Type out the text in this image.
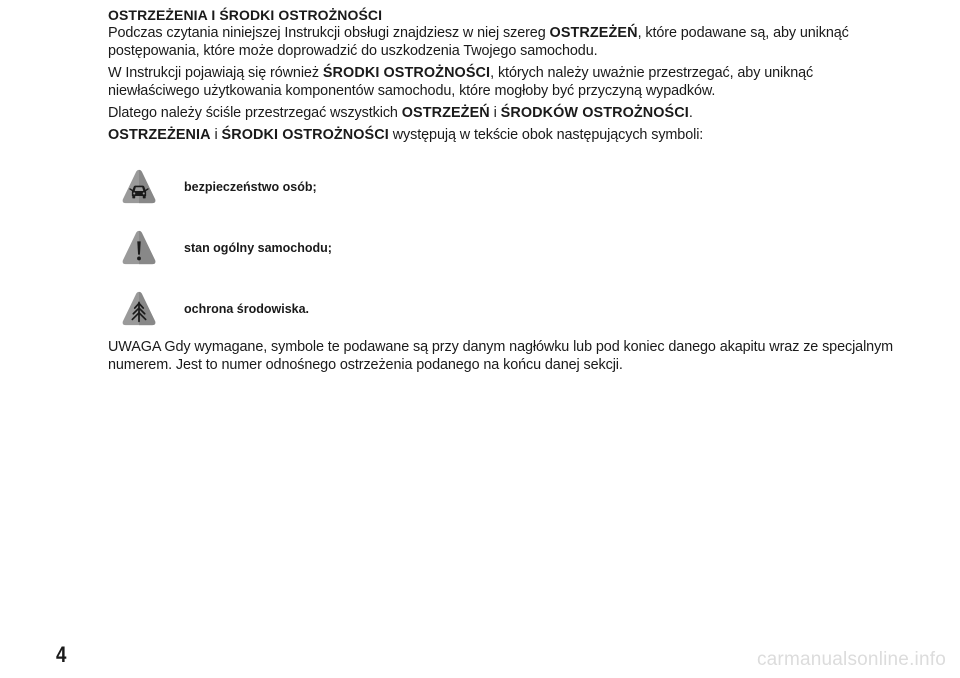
OSTRZEŻENIA I ŚRODKI OSTROŻNOŚCI

Podczas czytania niniejszej Instrukcji obsługi znajdziesz w niej szereg OSTRZEŻEŃ, które podawane są, aby uniknąć postępowania, które może doprowadzić do uszkodzenia Twojego samochodu.

W Instrukcji pojawiają się również ŚRODKI OSTROŻNOŚCI, których należy uważnie przestrzegać, aby uniknąć niewłaściwego użytkowania komponentów samochodu, które mogłoby być przyczyną wypadków.

Dlatego należy ściśle przestrzegać wszystkich OSTRZEŻEŃ i ŚRODKÓW OSTROŻNOŚCI.

OSTRZEŻENIA i ŚRODKI OSTROŻNOŚCI występują w tekście obok następujących symboli:

bezpieczeństwo osób;
stan ogólny samochodu;
ochrona środowiska.

UWAGA Gdy wymagane, symbole te podawane są przy danym nagłówku lub pod koniec danego akapitu wraz ze specjalnym numerem. Jest to numer odnośnego ostrzeżenia podanego na końcu danej sekcji.

4	carmanualsonline.info
